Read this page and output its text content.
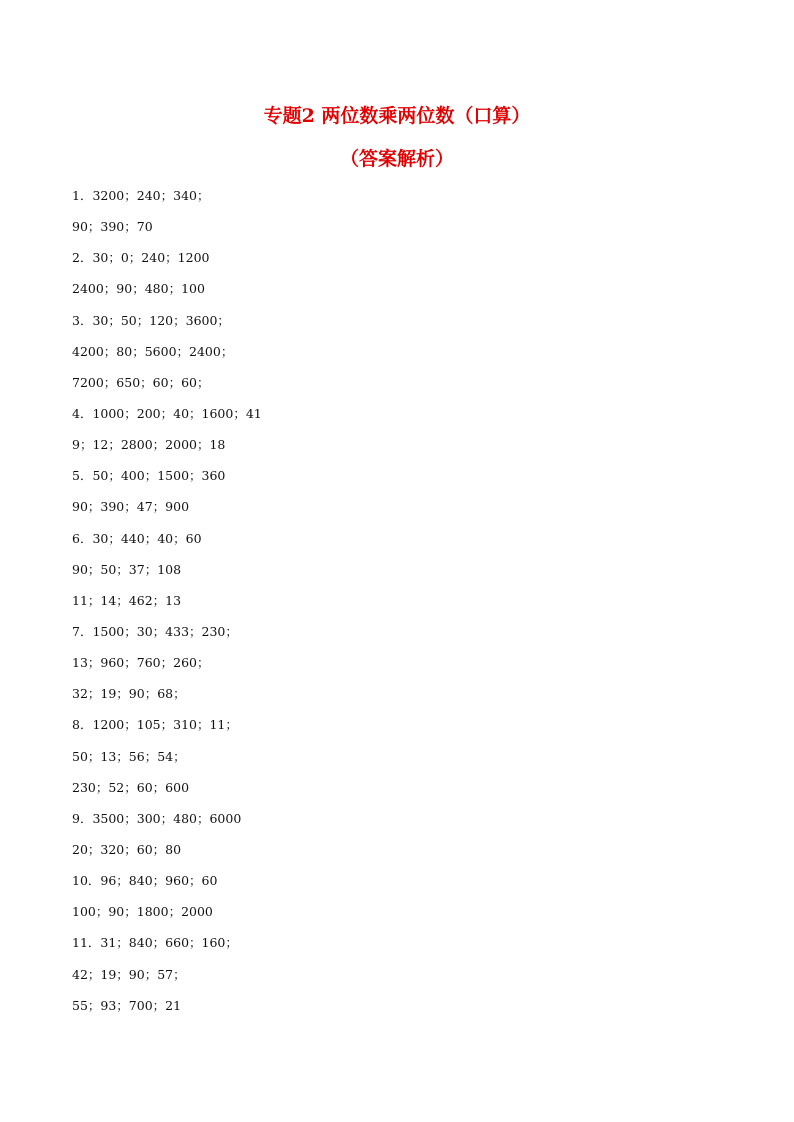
专题2 两位数乘两位数（口算）
（答案解析）
1．3200；240；340；
90；390；70
2．30；0；240；1200
2400；90；480；100
3．30；50；120；3600；
4200；80；5600；2400；
7200；650；60；60；
4．1000；200；40；1600；41
9；12；2800；2000；18
5．50；400；1500；360
90；390；47；900
6．30；440；40；60
90；50；37；108
11；14；462；13
7．1500；30；433；230；
13；960；760；260；
32；19；90；68；
8．1200；105；310；11；
50；13；56；54；
230；52；60；600
9．3500；300；480；6000
20；320；60；80
10．96；840；960；60
100；90；1800；2000
11．31；840；660；160；
42；19；90；57；
55；93；700；21
